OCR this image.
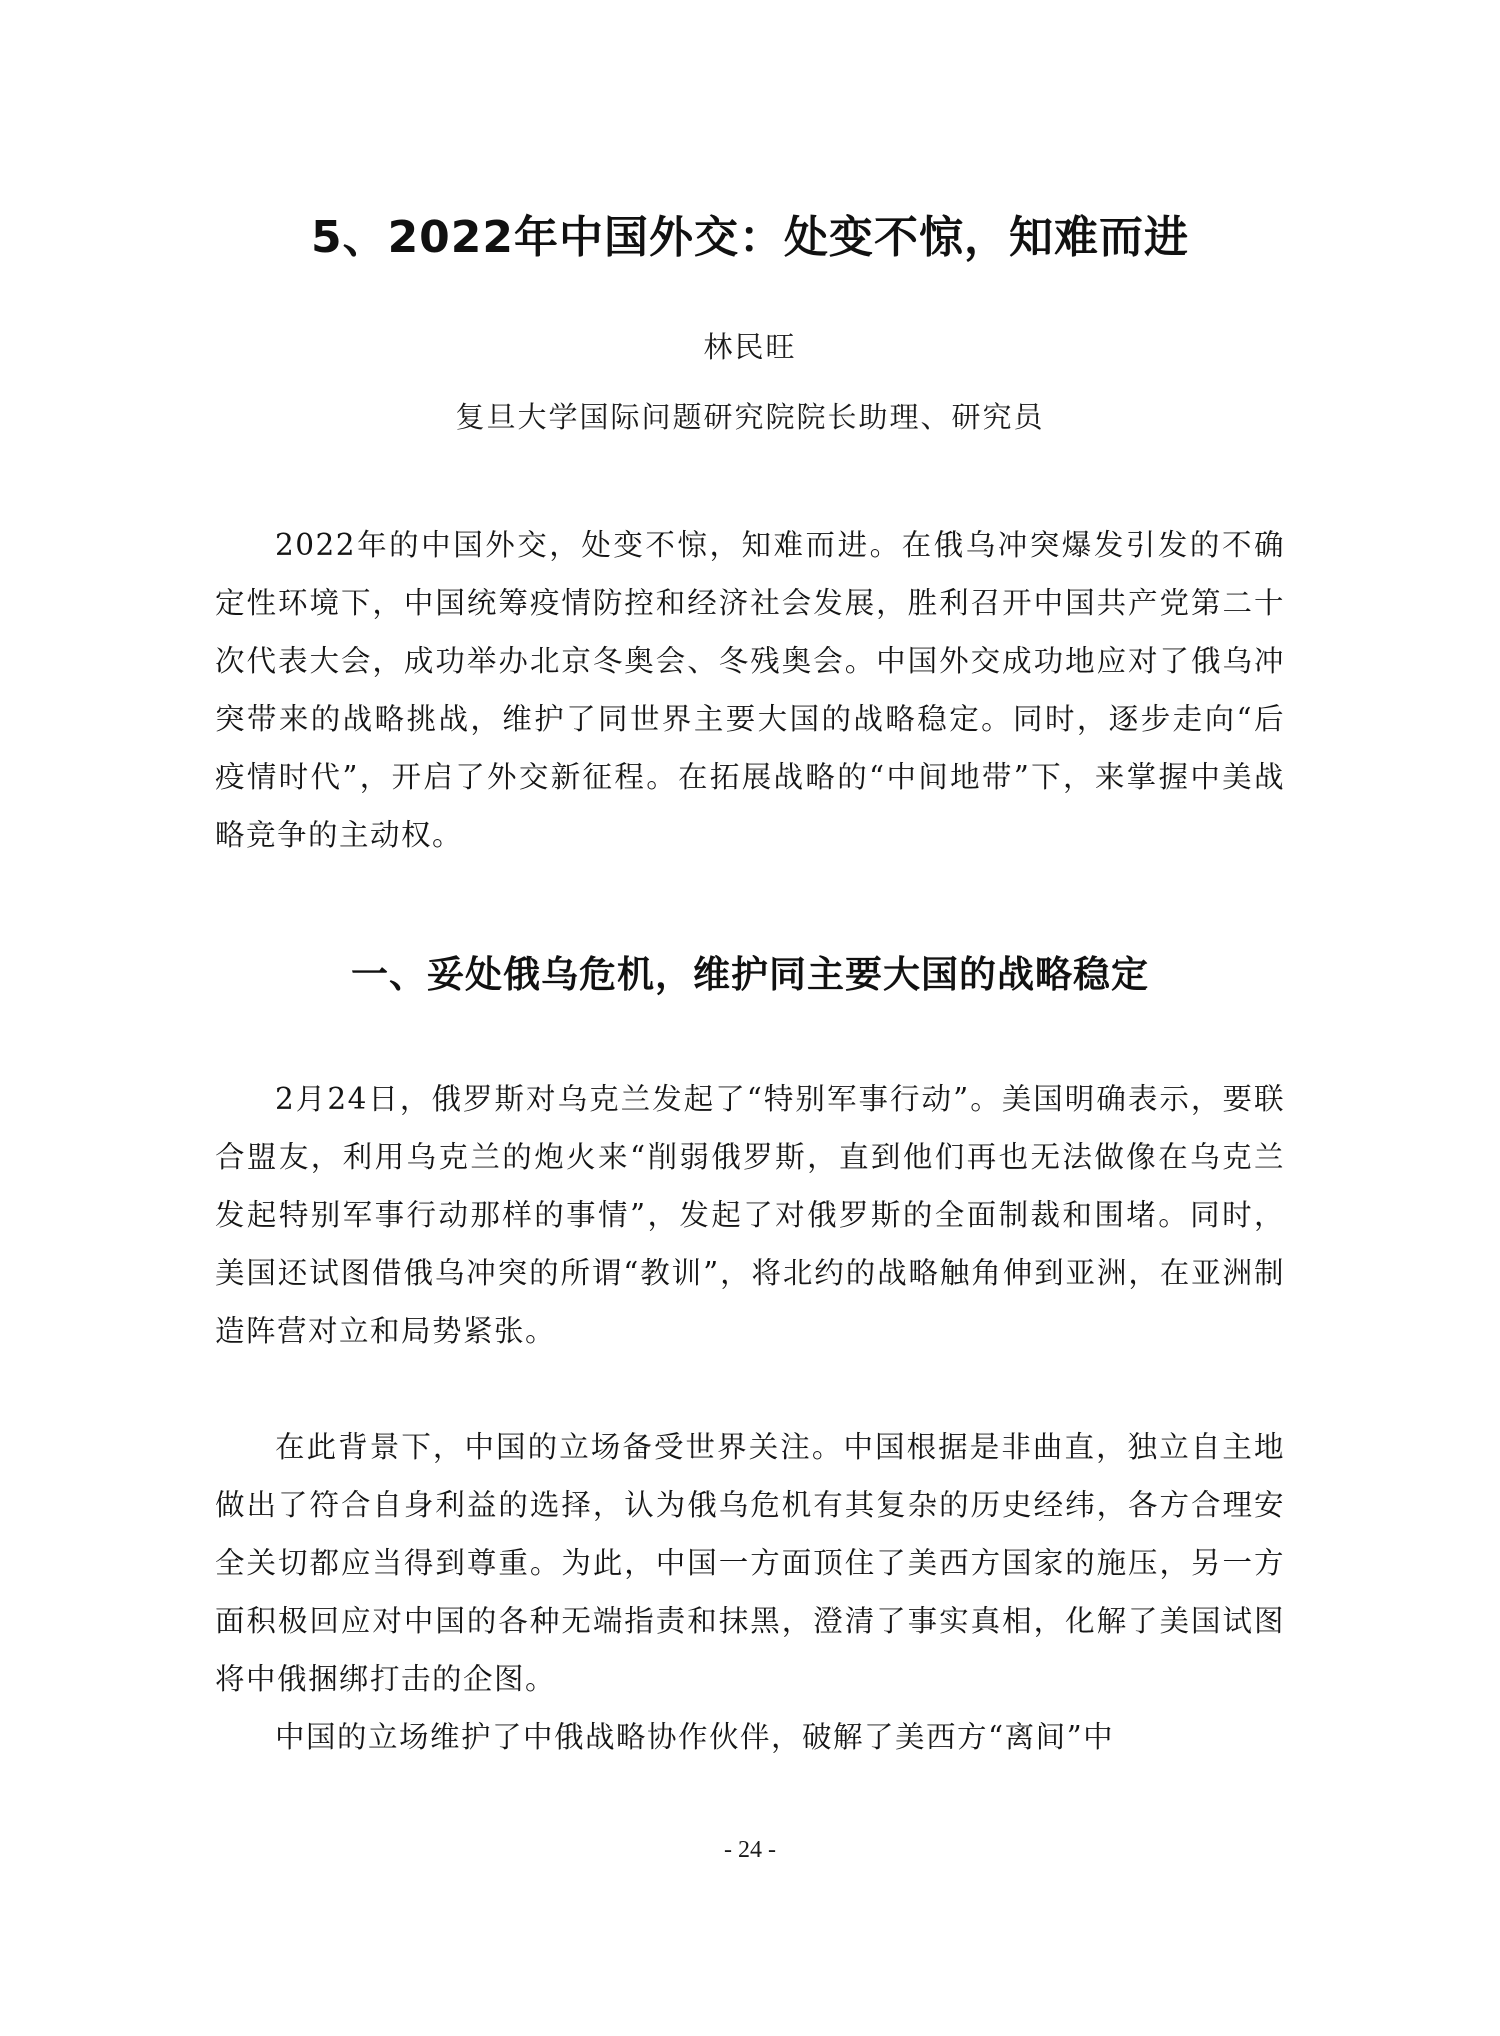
5、2022年中国外交：处变不惊，知难而进
林民旺
复旦大学国际问题研究院院长助理、研究员

2022年的中国外交，处变不惊，知难而进。在俄乌冲突爆发引发的不确定性环境下，中国统筹疫情防控和经济社会发展，胜利召开中国共产党第二十次代表大会，成功举办北京冬奥会、冬残奥会。中国外交成功地应对了俄乌冲突带来的战略挑战，维护了同世界主要大国的战略稳定。同时，逐步走向“后疫情时代”，开启了外交新征程。在拓展战略的“中间地带”下，来掌握中美战略竞争的主动权。

一、妥处俄乌危机，维护同主要大国的战略稳定

2月24日，俄罗斯对乌克兰发起了“特别军事行动”。美国明确表示，要联合盟友，利用乌克兰的炮火来“削弱俄罗斯，直到他们再也无法做像在乌克兰发起特别军事行动那样的事情”，发起了对俄罗斯的全面制裁和围堵。同时，美国还试图借俄乌冲突的所谓“教训”，将北约的战略触角伸到亚洲，在亚洲制造阵营对立和局势紧张。

在此背景下，中国的立场备受世界关注。中国根据是非曲直，独立自主地做出了符合自身利益的选择，认为俄乌危机有其复杂的历史经纬，各方合理安全关切都应当得到尊重。为此，中国一方面顶住了美西方国家的施压，另一方面积极回应对中国的各种无端指责和抹黑，澄清了事实真相，化解了美国试图将中俄捆绑打击的企图。

中国的立场维护了中俄战略协作伙伴，破解了美西方“离间”中

- 24 -
